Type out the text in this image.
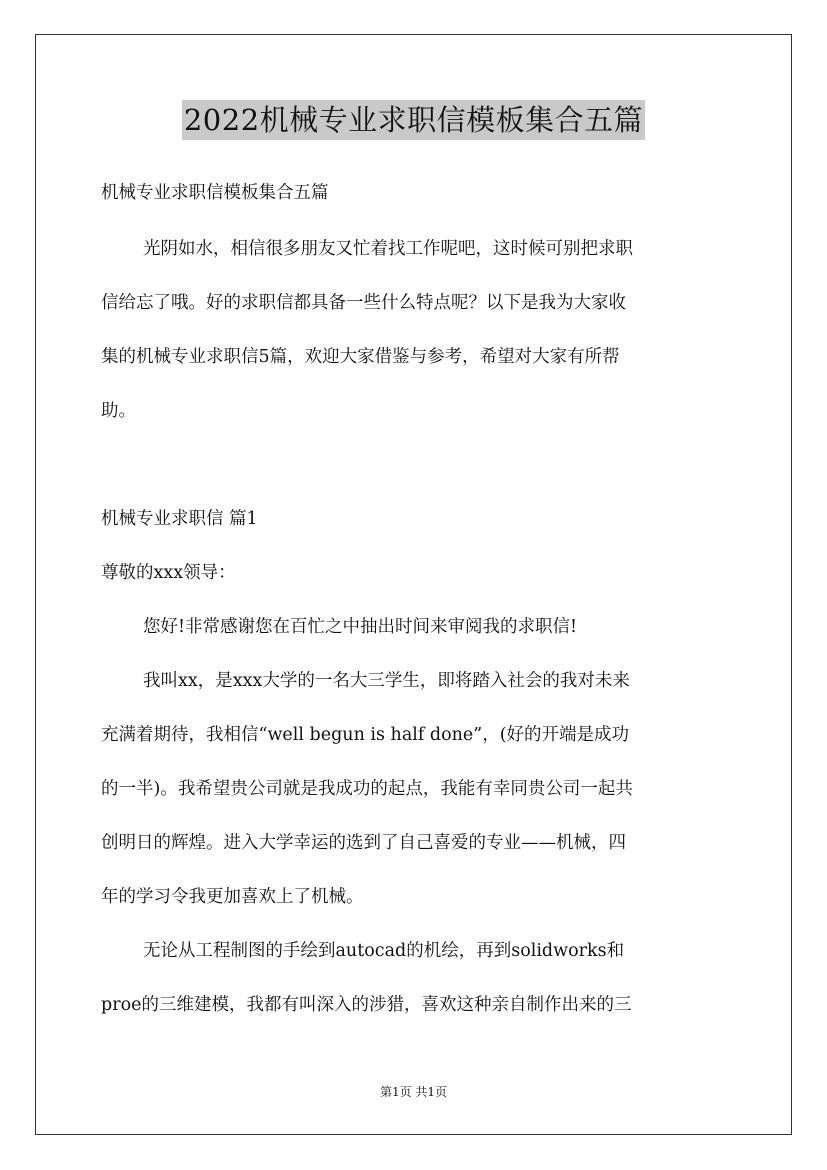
2022机械专业求职信模板集合五篇
机械专业求职信模板集合五篇
光阴如水，相信很多朋友又忙着找工作呢吧，这时候可别把求职
信给忘了哦。好的求职信都具备一些什么特点呢？以下是我为大家收
集的机械专业求职信5篇，欢迎大家借鉴与参考，希望对大家有所帮
助。
机械专业求职信 篇1
尊敬的xxx领导：
您好!非常感谢您在百忙之中抽出时间来审阅我的求职信!
我叫xx，是xxx大学的一名大三学生，即将踏入社会的我对未来
充满着期待，我相信“well begun is half done”，(好的开端是成功
的一半)。我希望贵公司就是我成功的起点，我能有幸同贵公司一起共
创明日的辉煌。进入大学幸运的选到了自己喜爱的专业——机械，四
年的学习令我更加喜欢上了机械。
无论从工程制图的手绘到autocad的机绘，再到solidworks和
proe的三维建模，我都有叫深入的涉猎，喜欢这种亲自制作出来的三
第1页 共1页
